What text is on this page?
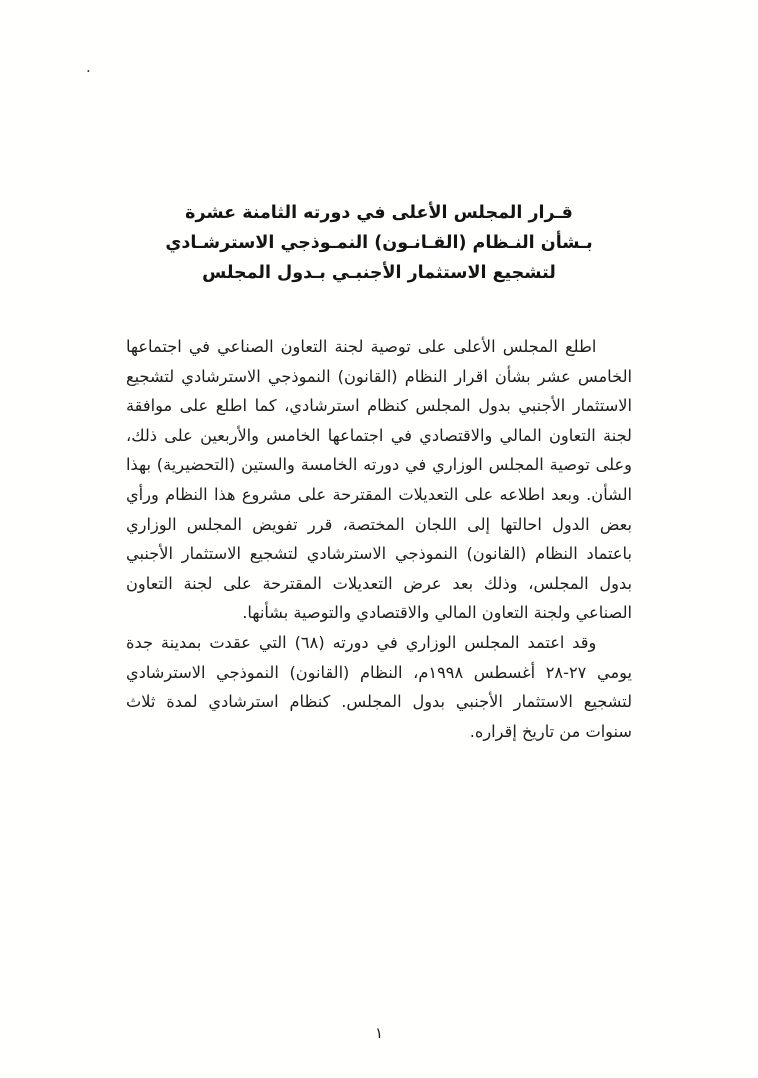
.
قـرار المجلس الأعلى في دورته الثامنة عشرة
بـشأن النـظام (القـانـون) النمـوذجي الاسترشـادي
لتشجيع الاستثمار الأجنبـي بـدول المجلس

اطلع المجلس الأعلى على توصية لجنة التعاون الصناعي في اجتماعها الخامس عشر بشأن اقرار النظام (القانون) النموذجي الاسترشادي لتشجيع الاستثمار الأجنبي بدول المجلس كنظام استرشادي، كما اطلع على موافقة لجنة التعاون المالي والاقتصادي في اجتماعها الخامس والأربعين على ذلك، وعلى توصية المجلس الوزاري في دورته الخامسة والستين (التحضيرية) بهذا الشأن. وبعد اطلاعه على التعديلات المقترحة على مشروع هذا النظام ورأي بعض الدول احالتها إلى اللجان المختصة، قرر تفويض المجلس الوزاري باعتماد النظام (القانون) النموذجي الاسترشادي لتشجيع الاستثمار الأجنبي بدول المجلس، وذلك بعد عرض التعديلات المقترحة على لجنة التعاون الصناعي ولجنة التعاون المالي والاقتصادي والتوصية بشأنها.

وقد اعتمد المجلس الوزاري في دورته (٦٨) التي عقدت بمدينة جدة يومي ٢٧-٢٨ أغسطس ١٩٩٨م، النظام (القانون) النموذجي الاسترشادي لتشجيع الاستثمار الأجنبي بدول المجلس. كنظام استرشادي لمدة ثلاث سنوات من تاريخ إقراره.

١
